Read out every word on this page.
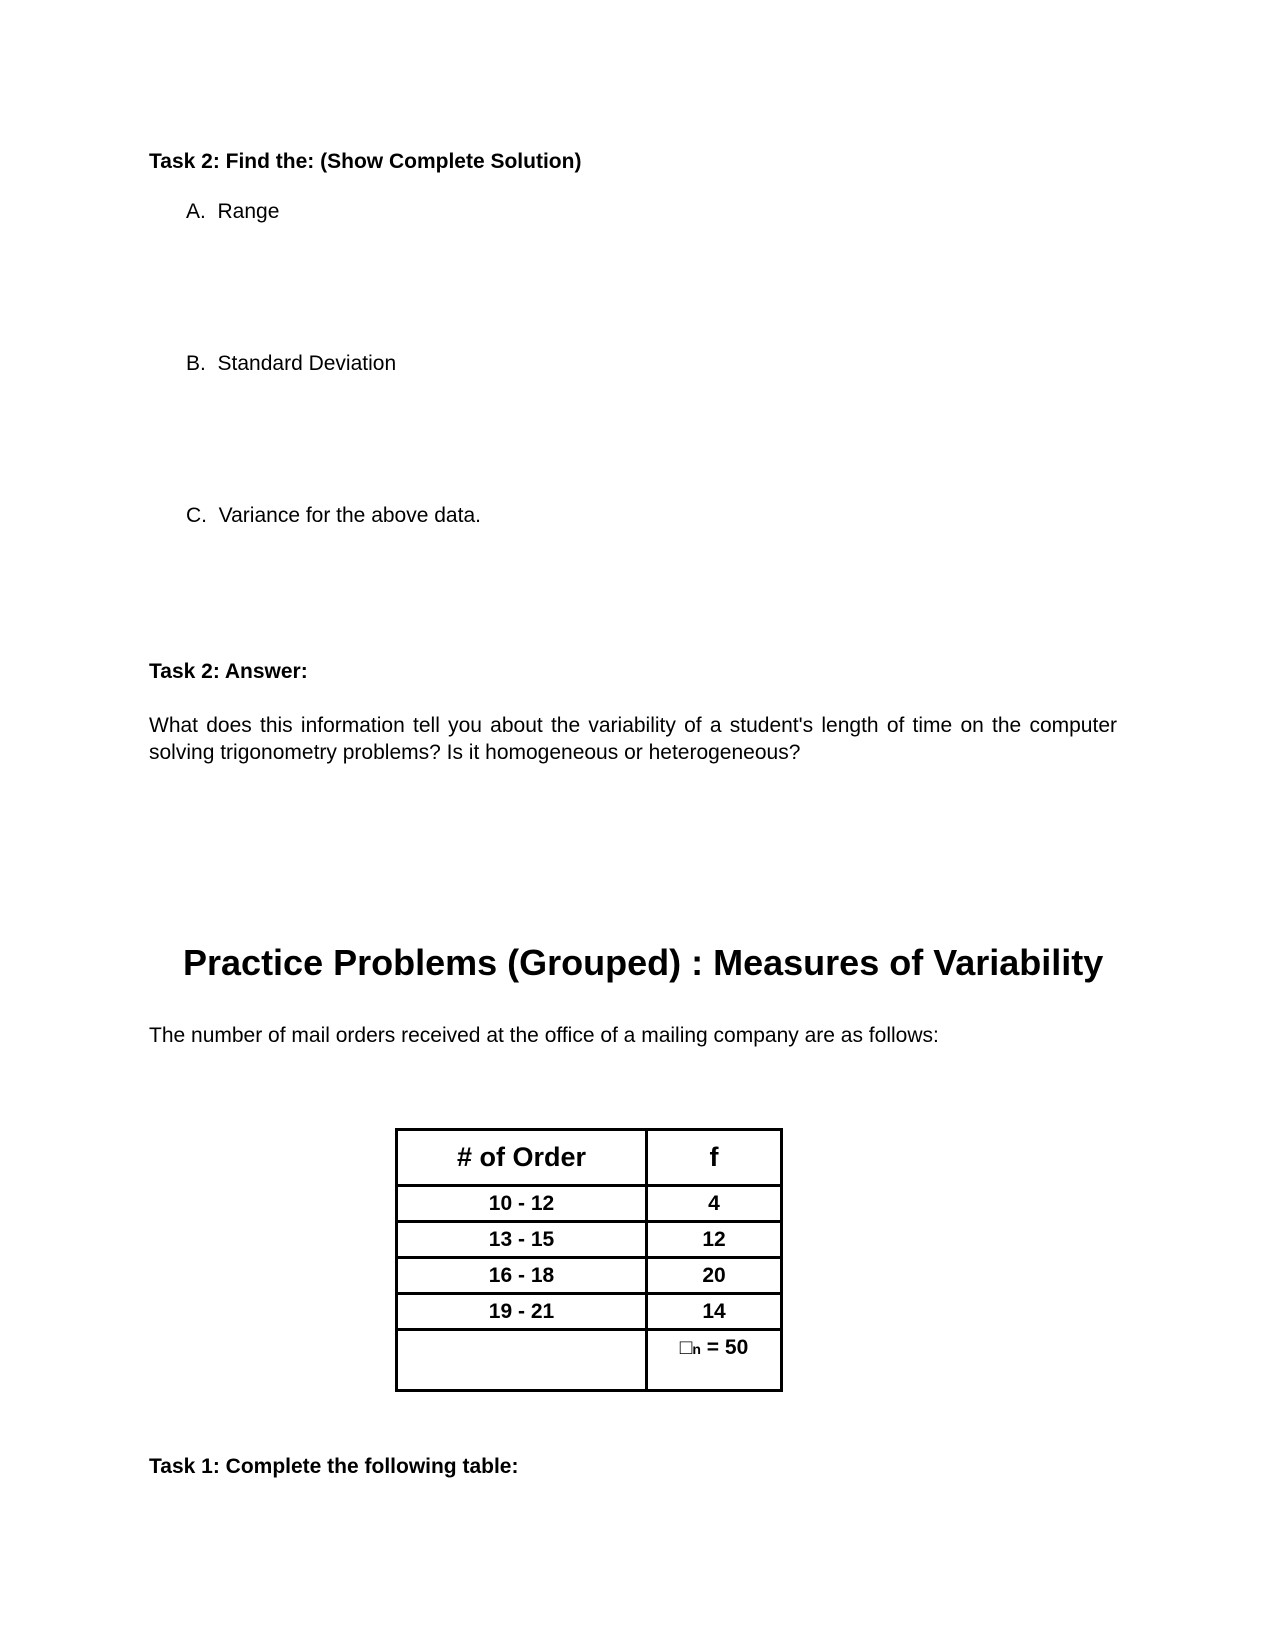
Task 2: Find the: (Show Complete Solution)
A. Range
B. Standard Deviation
C. Variance for the above data.
Task 2: Answer:
What does this information tell you about the variability of a student's length of time on the computer solving trigonometry problems? Is it homogeneous or heterogeneous?
Practice Problems (Grouped) : Measures of Variability
The number of mail orders received at the office of a mailing company are as follows:
# of Order	f
10 - 12	4
13 - 15	12
16 - 18	20
19 - 21	14
	□n = 50
Task 1: Complete the following table:
